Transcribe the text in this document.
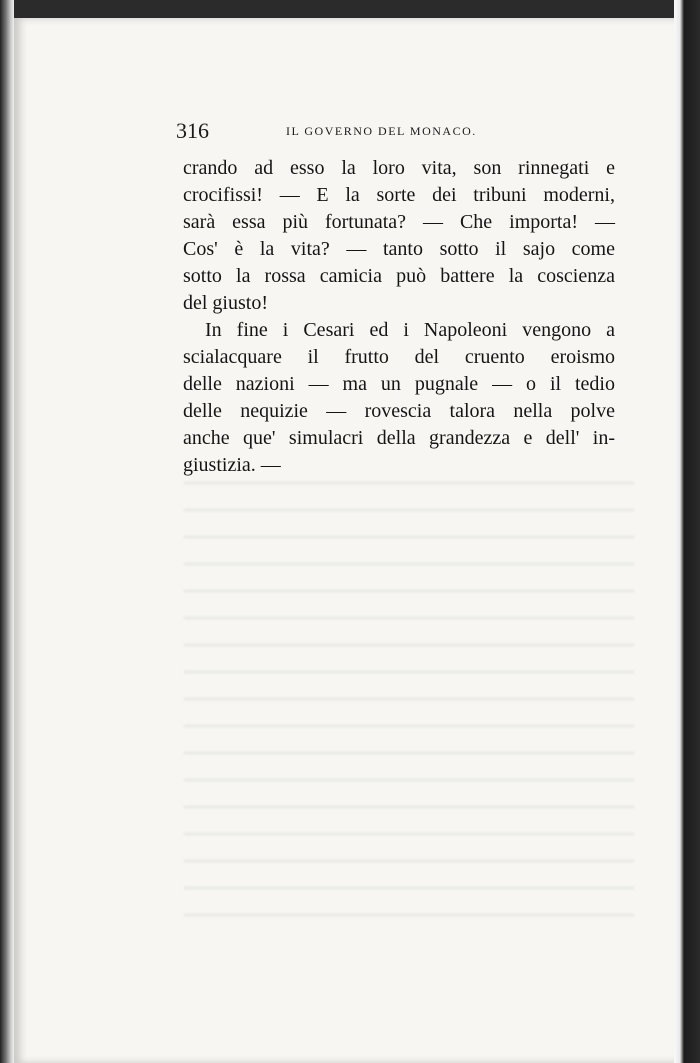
316	IL GOVERNO DEL MONACO.
crando ad esso la loro vita, son rinnegati e
crocifissi! — E la sorte dei tribuni moderni,
sarà essa più fortunata? — Che importa! —
Cos' è la vita? — tanto sotto il sajo come
sotto la rossa camicia può battere la coscienza
del giusto!
In fine i Cesari ed i Napoleoni vengono a
scialacquare il frutto del cruento eroismo
delle nazioni — ma un pugnale — o il tedio
delle nequizie — rovescia talora nella polve
anche que' simulacri della grandezza e dell' in-
giustizia. —
